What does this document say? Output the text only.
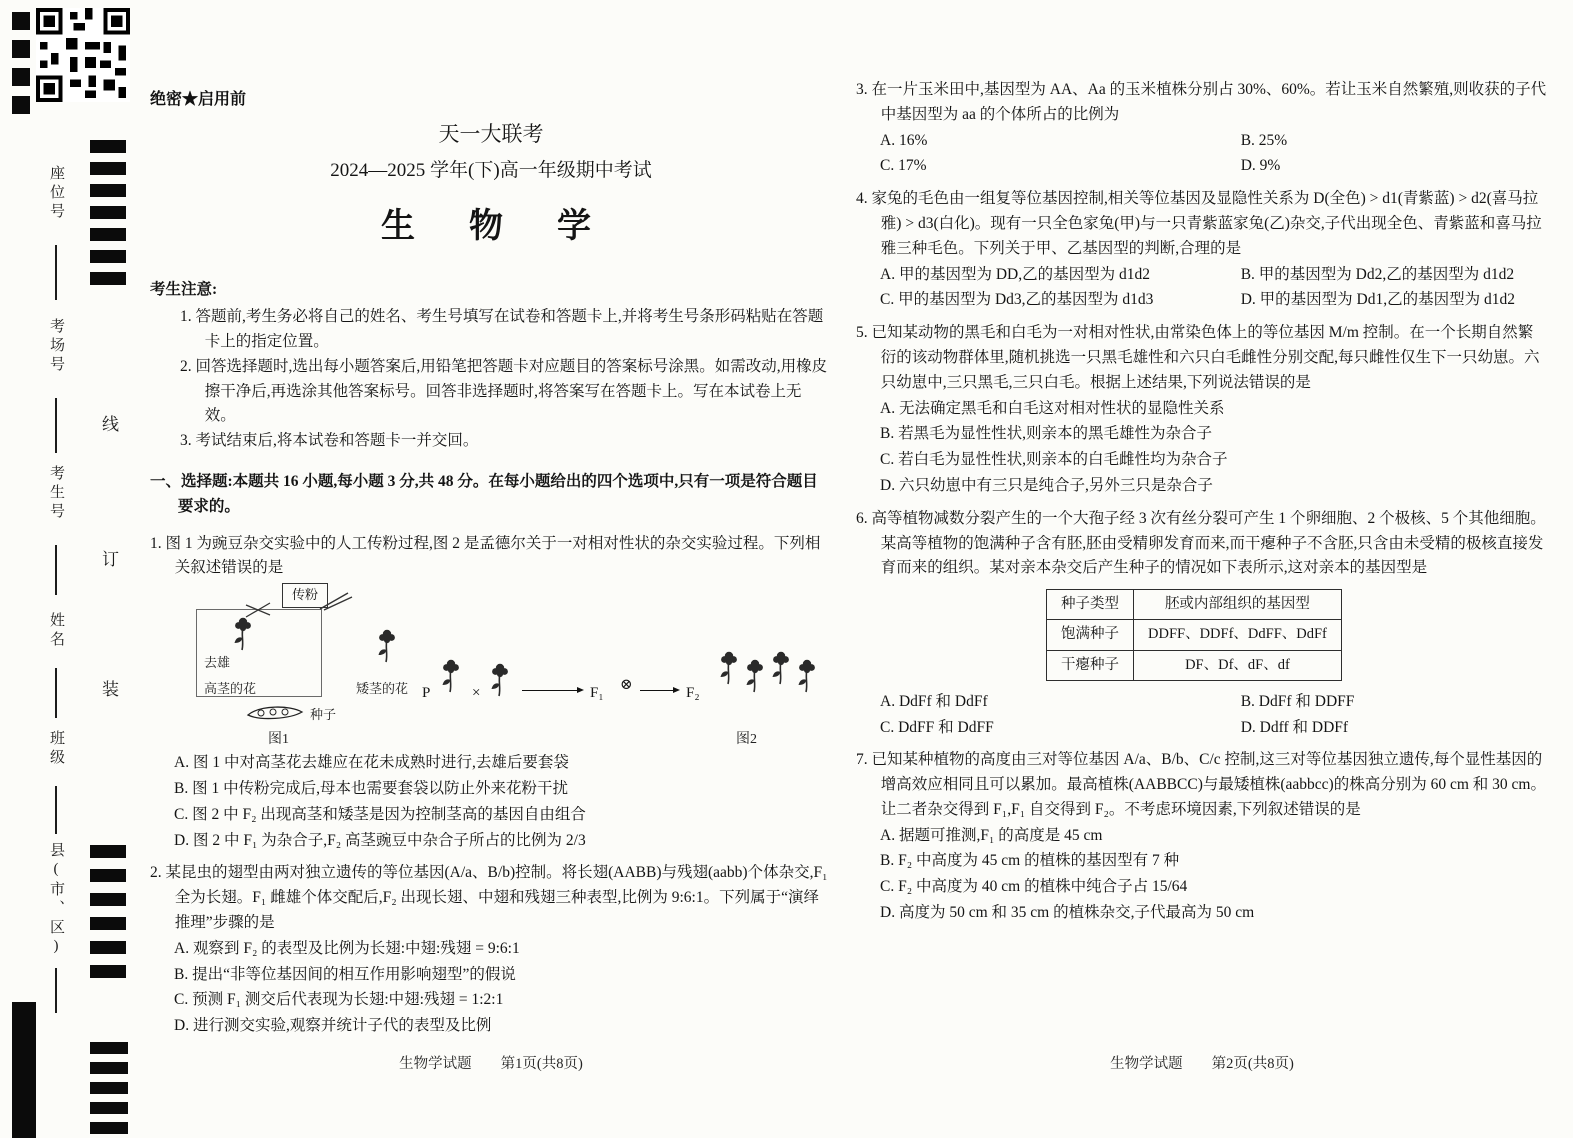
座位号
考场号
考生号
姓名
班级
县(市、区)
线
订
装
绝密★启用前
天一大联考
2024—2025 学年(下)高一年级期中考试
生　物　学
考生注意:
1. 答题前,考生务必将自己的姓名、考生号填写在试卷和答题卡上,并将考生号条形码粘贴在答题卡上的指定位置。
2. 回答选择题时,选出每小题答案后,用铅笔把答题卡对应题目的答案标号涂黑。如需改动,用橡皮擦干净后,再选涂其他答案标号。回答非选择题时,将答案写在答题卡上。写在本试卷上无效。
3. 考试结束后,将本试卷和答题卡一并交回。
一、选择题:本题共 16 小题,每小题 3 分,共 48 分。在每小题给出的四个选项中,只有一项是符合题目要求的。
1. 图 1 为豌豆杂交实验中的人工传粉过程,图 2 是孟德尔关于一对相对性状的杂交实验过程。下列相关叙述错误的是
传粉
去雄
高茎的花	矮茎的花
种子
图1
P	×	F₁ ⊗	F₂
图2
A. 图 1 中对高茎花去雄应在花未成熟时进行,去雄后要套袋
B. 图 1 中传粉完成后,母本也需要套袋以防止外来花粉干扰
C. 图 2 中 F₂ 出现高茎和矮茎是因为控制茎高的基因自由组合
D. 图 2 中 F₁ 为杂合子,F₂ 高茎豌豆中杂合子所占的比例为 2/3
2. 某昆虫的翅型由两对独立遗传的等位基因(A/a、B/b)控制。将长翅(AABB)与残翅(aabb)个体杂交,F₁ 全为长翅。F₁ 雌雄个体交配后,F₂ 出现长翅、中翅和残翅三种表型,比例为 9:6:1。下列属于“演绎推理”步骤的是
A. 观察到 F₂ 的表型及比例为长翅:中翅:残翅 = 9:6:1
B. 提出“非等位基因间的相互作用影响翅型”的假说
C. 预测 F₁ 测交后代表现为长翅:中翅:残翅 = 1:2:1
D. 进行测交实验,观察并统计子代的表型及比例
3. 在一片玉米田中,基因型为 AA、Aa 的玉米植株分别占 30%、60%。若让玉米自然繁殖,则收获的子代中基因型为 aa 的个体所占的比例为
A. 16%	B. 25%
C. 17%	D. 9%
4. 家兔的毛色由一组复等位基因控制,相关等位基因及显隐性关系为 D(全色) > d1(青紫蓝) > d2(喜马拉雅) > d3(白化)。现有一只全色家兔(甲)与一只青紫蓝家兔(乙)杂交,子代出现全色、青紫蓝和喜马拉雅三种毛色。下列关于甲、乙基因型的判断,合理的是
A. 甲的基因型为 DD,乙的基因型为 d1d2	B. 甲的基因型为 Dd2,乙的基因型为 d1d2
C. 甲的基因型为 Dd3,乙的基因型为 d1d3	D. 甲的基因型为 Dd1,乙的基因型为 d1d2
5. 已知某动物的黑毛和白毛为一对相对性状,由常染色体上的等位基因 M/m 控制。在一个长期自然繁衍的该动物群体里,随机挑选一只黑毛雄性和六只白毛雌性分别交配,每只雌性仅生下一只幼崽。六只幼崽中,三只黑毛,三只白毛。根据上述结果,下列说法错误的是
A. 无法确定黑毛和白毛这对相对性状的显隐性关系
B. 若黑毛为显性性状,则亲本的黑毛雄性为杂合子
C. 若白毛为显性性状,则亲本的白毛雌性均为杂合子
D. 六只幼崽中有三只是纯合子,另外三只是杂合子
6. 高等植物减数分裂产生的一个大孢子经 3 次有丝分裂可产生 1 个卵细胞、2 个极核、5 个其他细胞。某高等植物的饱满种子含有胚,胚由受精卵发育而来,而干瘪种子不含胚,只含由未受精的极核直接发育而来的组织。某对亲本杂交后产生种子的情况如下表所示,这对亲本的基因型是
种子类型	胚或内部组织的基因型
饱满种子	DDFF、DDFf、DdFF、DdFf
干瘪种子	DF、Df、dF、df
A. DdFf 和 DdFf	B. DdFf 和 DDFF
C. DdFF 和 DdFF	D. Ddff 和 DDFf
7. 已知某种植物的高度由三对等位基因 A/a、B/b、C/c 控制,这三对等位基因独立遗传,每个显性基因的增高效应相同且可以累加。最高植株(AABBCC)与最矮植株(aabbcc)的株高分别为 60 cm 和 30 cm。让二者杂交得到 F₁,F₁ 自交得到 F₂。不考虑环境因素,下列叙述错误的是
A. 据题可推测,F₁ 的高度是 45 cm
B. F₂ 中高度为 45 cm 的植株的基因型有 7 种
C. F₂ 中高度为 40 cm 的植株中纯合子占 15/64
D. 高度为 50 cm 和 35 cm 的植株杂交,子代最高为 50 cm
生物学试题　　第1页(共8页)	生物学试题　　第2页(共8页)
